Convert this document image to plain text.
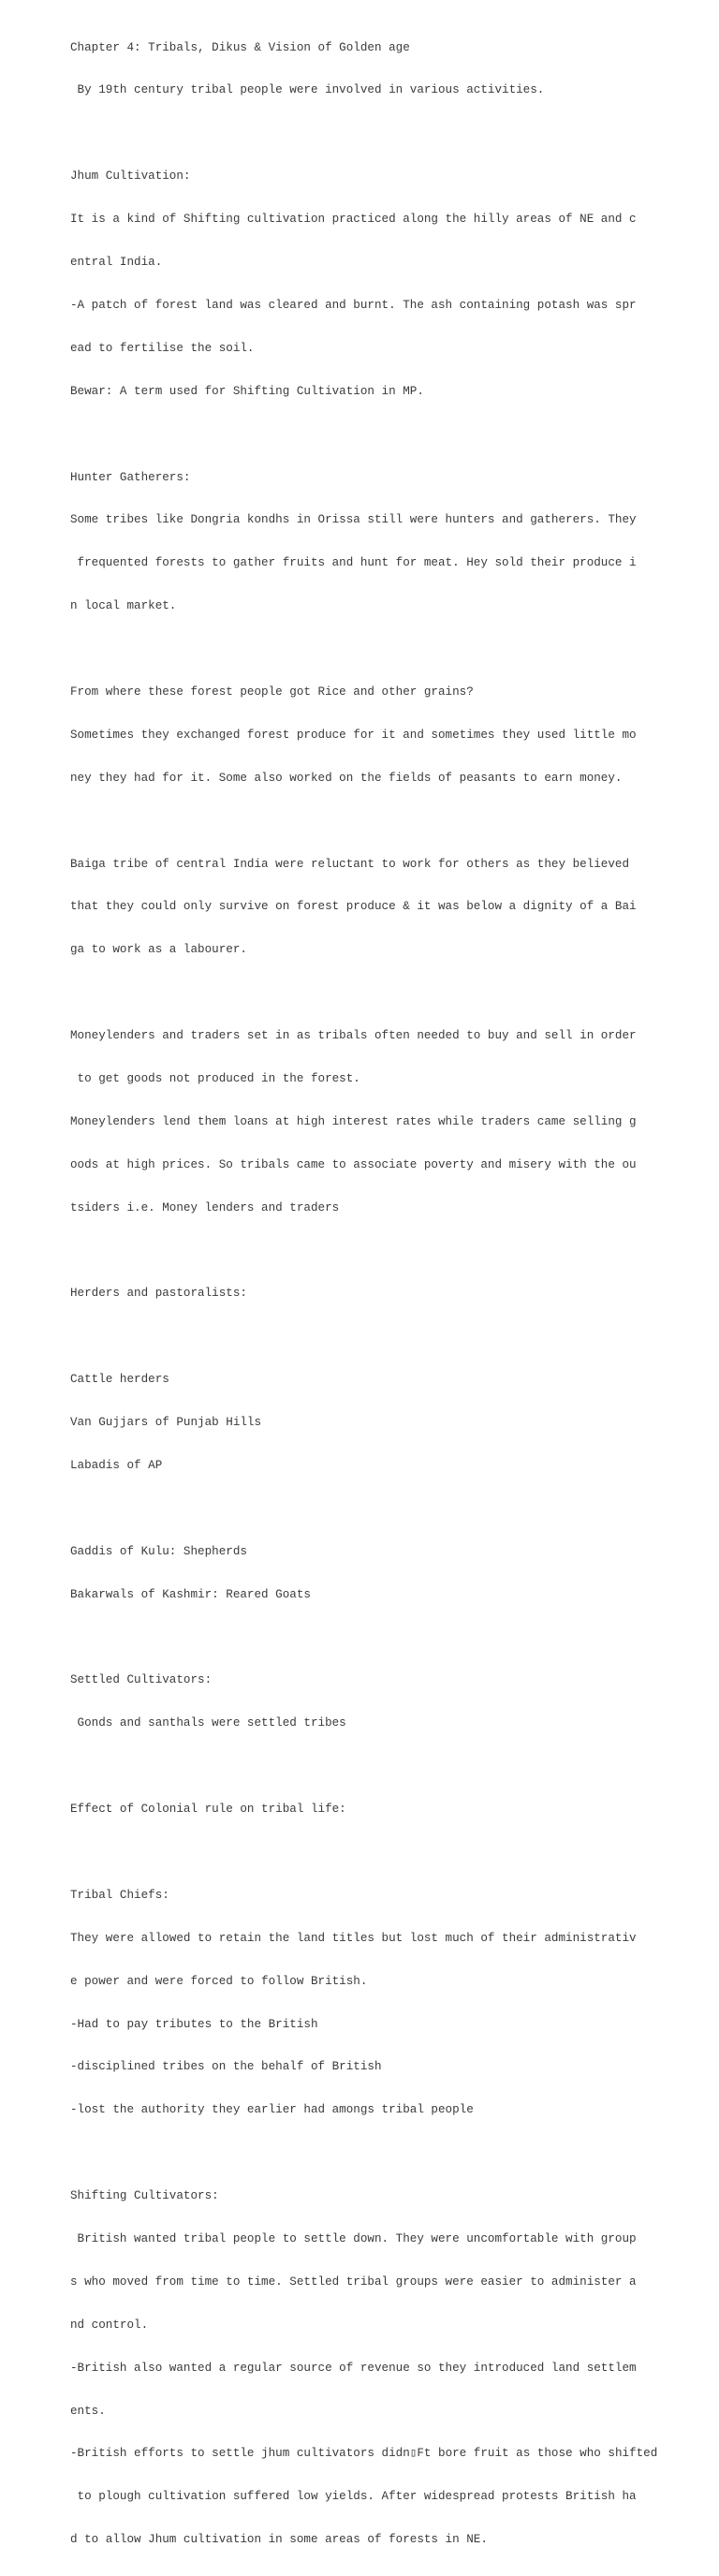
Chapter 4: Tribals, Dikus & Vision of Golden age

By 19th century tribal people were involved in various activities.

Jhum Cultivation:

It is a kind of Shifting cultivation practiced along the hilly areas of NE and c

entral India.

-A patch of forest land was cleared and burnt. The ash containing potash was spr

ead to fertilise the soil.

Bewar: A term used for Shifting Cultivation in MP.

Hunter Gatherers:

Some tribes like Dongria kondhs in Orissa still were hunters and gatherers. They

frequented forests to gather fruits and hunt for meat. Hey sold their produce i

n local market.

From where these forest people got Rice and other grains?

Sometimes they exchanged forest produce for it and sometimes they used little mo

ney they had for it. Some also worked on the fields of peasants to earn money.

Baiga tribe of central India were reluctant to work for others as they believed

that they could only survive on forest produce & it was below a dignity of a Bai

ga to work as a labourer.

Moneylenders and traders set in as tribals often needed to buy and sell in order

to get goods not produced in the forest.

Moneylenders lend them loans at high interest rates while traders came selling g

oods at high prices. So tribals came to associate poverty and misery with the ou

tsiders i.e. Money lenders and traders

Herders and pastoralists:

Cattle herders

Van Gujjars of Punjab Hills

Labadis of AP

Gaddis of Kulu: Shepherds

Bakarwals of Kashmir: Reared Goats

Settled Cultivators:

Gonds and santhals were settled tribes

Effect of Colonial rule on tribal life:

Tribal Chiefs:

They were allowed to retain the land titles but lost much of their administrativ

e power and were forced to follow British.

-Had to pay tributes to the British

-disciplined tribes on the behalf of British

-lost the authority they earlier had amongs tribal people

Shifting Cultivators:

British wanted tribal people to settle down. They were uncomfortable with group

s who moved from time to time. Settled tribal groups were easier to administer a

nd control.

-British also wanted a regular source of revenue so they introduced land settlem

ents.

-British efforts to settle jhum cultivators didn▯Ft bore fruit as those who shifted

to plough cultivation suffered low yields. After widespread protests British ha

d to allow Jhum cultivation in some areas of forests in NE.
